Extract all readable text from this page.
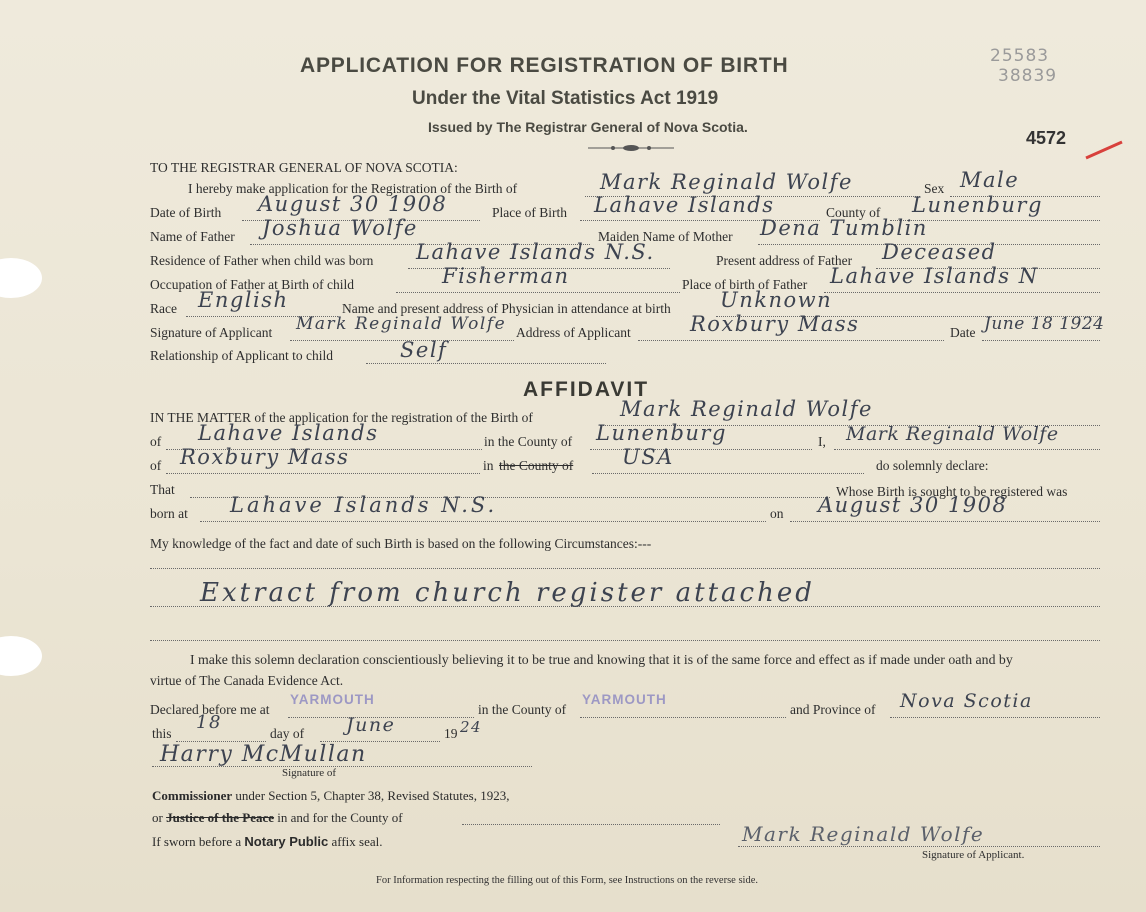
APPLICATION FOR REGISTRATION OF BIRTH
Under the Vital Statistics Act 1919
Issued by The Registrar General of Nova Scotia.
25583
38839
4572
TO THE REGISTRAR GENERAL OF NOVA SCOTIA:
I hereby make application for the Registration of the Birth of	Mark Reginald Wolfe	Sex Male
Date of Birth August 30 1908	Place of Birth Lahave Islands	County of Lunenburg
Name of Father Joshua Wolfe	Maiden Name of Mother Dena Tumblin
Residence of Father when child was born Lahave Islands N.S.	Present address of Father Deceased
Occupation of Father at Birth of child	Fisherman	Place of birth of Father Lahave Islands N
Race English	Name and present address of Physician in attendance at birth Unknown
Signature of Applicant Mark Reginald Wolfe Address of Applicant	Roxbury Mass	Date June 18 1924
Relationship of Applicant to child	Self
AFFIDAVIT
IN THE MATTER of the application for the registration of the Birth of	Mark Reginald Wolfe
of Lahave Islands	in the County of Lunenburg	I, Mark Reginald Wolfe
of Roxbury Mass	in the County of USA	do solemnly declare:
That	Whose Birth is sought to be registered was
born at Lahave Islands N.S.	on August 30 1908
My knowledge of the fact and date of such Birth is based on the following Circumstances:---
Extract from church register attached
I make this solemn declaration conscientiously believing it to be true and knowing that it is of the same force and effect as if made under oath and by
virtue of The Canada Evidence Act.
Declared before me at
YARMOUTH
in the County of
YARMOUTH
and Province of Nova Scotia
this
18
day of June	19 24
Harry McMullan
Signature of
Commissioner under Section 5, Chapter 38, Revised Statutes, 1923,
or Justice of the Peace in and for the County of
If sworn before a Notary Public affix seal.	Mark Reginald Wolfe
Signature of Applicant.
For Information respecting the filling out of this Form, see Instructions on the reverse side.
